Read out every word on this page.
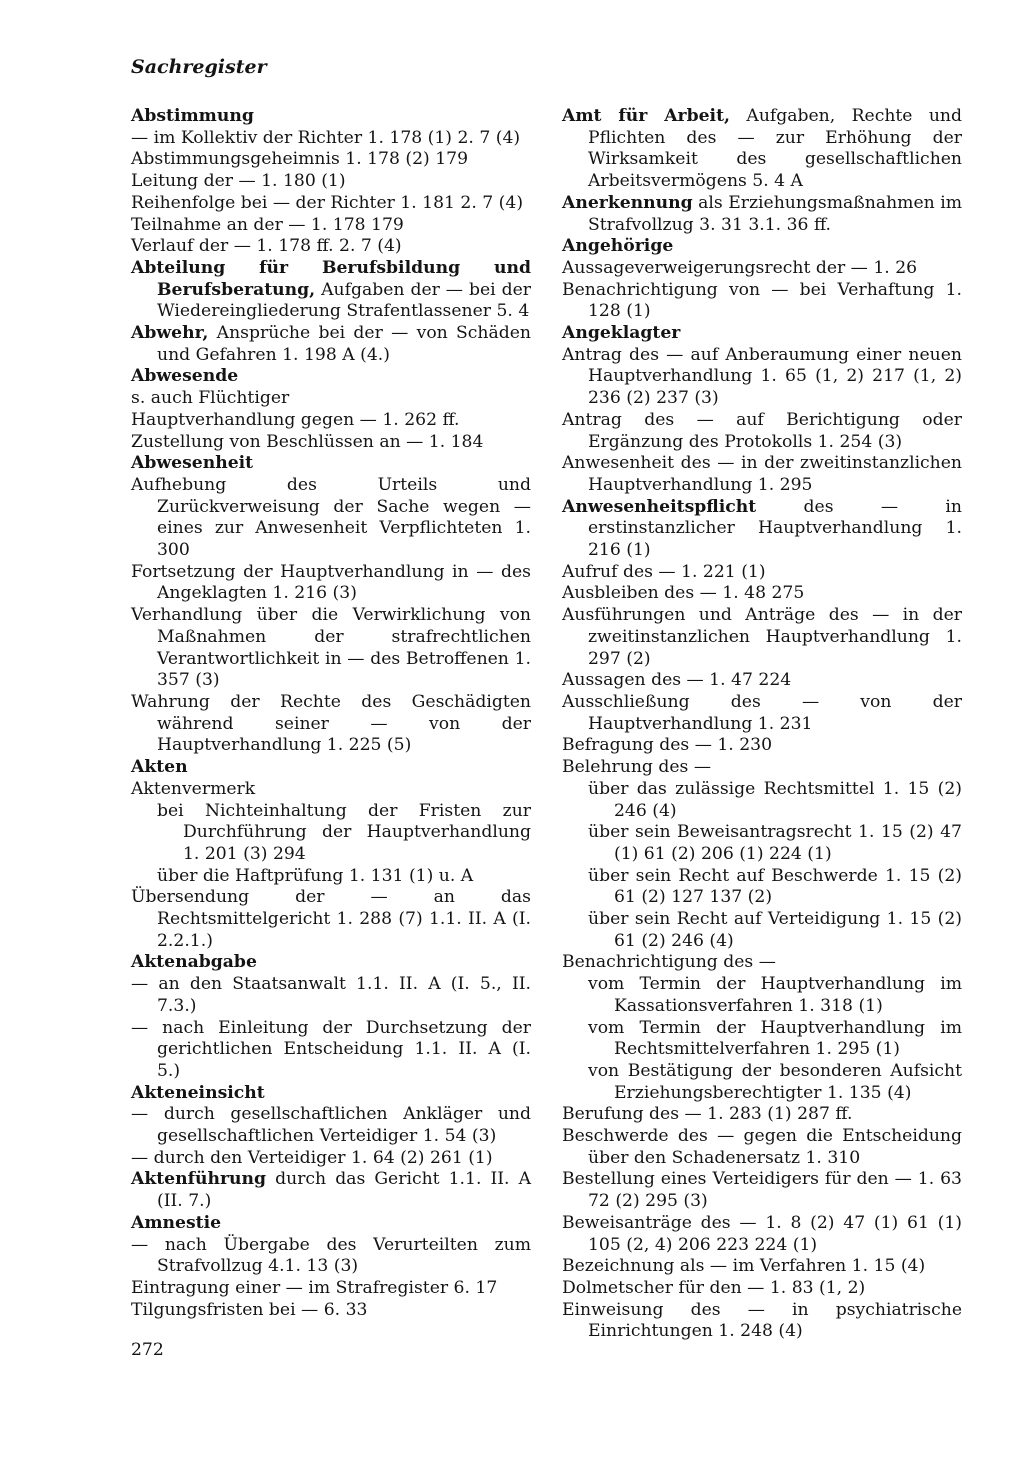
Sachregister

Abstimmung

— im Kollektiv der Richter 1. 178 (1) 2. 7 (4)

Abstimmungsgeheimnis 1. 178 (2) 179

Leitung der — 1. 180 (1)

Reihenfolge bei — der Richter 1. 181 2. 7 (4)

Teilnahme an der — 1. 178 179

Verlauf der — 1. 178 ff. 2. 7 (4)

Abteilung für Berufsbildung und Berufsberatung, Aufgaben der — bei der Wiedereingliederung Strafentlassener 5. 4

Abwehr, Ansprüche bei der — von Schäden und Gefahren 1. 198 A (4.)

Abwesende

s. auch Flüchtiger

Hauptverhandlung gegen — 1. 262 ff.

Zustellung von Beschlüssen an — 1. 184

Abwesenheit

Aufhebung des Urteils und Zurückverweisung der Sache wegen — eines zur Anwesenheit Verpflichteten 1. 300

Fortsetzung der Hauptverhandlung in — des Angeklagten 1. 216 (3)

Verhandlung über die Verwirklichung von Maßnahmen der strafrechtlichen Verantwortlichkeit in — des Betroffenen 1. 357 (3)

Wahrung der Rechte des Geschädigten während seiner — von der Hauptverhandlung 1. 225 (5)

Akten

Aktenvermerk

bei Nichteinhaltung der Fristen zur Durchführung der Hauptverhandlung 1. 201 (3) 294

über die Haftprüfung 1. 131 (1) u. A

Übersendung der — an das Rechtsmittelgericht 1. 288 (7) 1.1. II. A (I. 2.2.1.)

Aktenabgabe

— an den Staatsanwalt 1.1. II. A (I. 5., II. 7.3.)

— nach Einleitung der Durchsetzung der gerichtlichen Entscheidung 1.1. II. A (I. 5.)

Akteneinsicht

— durch gesellschaftlichen Ankläger und gesellschaftlichen Verteidiger 1. 54 (3)

— durch den Verteidiger 1. 64 (2) 261 (1)

Aktenführung durch das Gericht 1.1. II. A (II. 7.)

Amnestie

— nach Übergabe des Verurteilten zum Strafvollzug 4.1. 13 (3)

Eintragung einer — im Strafregister 6. 17

Tilgungsfristen bei — 6. 33

Amt für Arbeit, Aufgaben, Rechte und Pflichten des — zur Erhöhung der Wirksamkeit des gesellschaftlichen Arbeitsvermögens 5. 4 A

Anerkennung als Erziehungsmaßnahmen im Strafvollzug 3. 31 3.1. 36 ff.

Angehörige

Aussageverweigerungsrecht der — 1. 26

Benachrichtigung von — bei Verhaftung 1. 128 (1)

Angeklagter

Antrag des — auf Anberaumung einer neuen Hauptverhandlung 1. 65 (1, 2) 217 (1, 2) 236 (2) 237 (3)

Antrag des — auf Berichtigung oder Ergänzung des Protokolls 1. 254 (3)

Anwesenheit des — in der zweitinstanzlichen Hauptverhandlung 1. 295

Anwesenheitspflicht des — in erstinstanzlicher Hauptverhandlung 1. 216 (1)

Aufruf des — 1. 221 (1)

Ausbleiben des — 1. 48 275

Ausführungen und Anträge des — in der zweitinstanzlichen Hauptverhandlung 1. 297 (2)

Aussagen des — 1. 47 224

Ausschließung des — von der Hauptverhandlung 1. 231

Befragung des — 1. 230

Belehrung des —

über das zulässige Rechtsmittel 1. 15 (2) 246 (4)

über sein Beweisantragsrecht 1. 15 (2) 47 (1) 61 (2) 206 (1) 224 (1)

über sein Recht auf Beschwerde 1. 15 (2) 61 (2) 127 137 (2)

über sein Recht auf Verteidigung 1. 15 (2) 61 (2) 246 (4)

Benachrichtigung des —

vom Termin der Hauptverhandlung im Kassationsverfahren 1. 318 (1)

vom Termin der Hauptverhandlung im Rechtsmittelverfahren 1. 295 (1)

von Bestätigung der besonderen Aufsicht Erziehungsberechtigter 1. 135 (4)

Berufung des — 1. 283 (1) 287 ff.

Beschwerde des — gegen die Entscheidung über den Schadenersatz 1. 310

Bestellung eines Verteidigers für den — 1. 63 72 (2) 295 (3)

Beweisanträge des — 1. 8 (2) 47 (1) 61 (1) 105 (2, 4) 206 223 224 (1)

Bezeichnung als — im Verfahren 1. 15 (4)

Dolmetscher für den — 1. 83 (1, 2)

Einweisung des — in psychiatrische Einrichtungen 1. 248 (4)

272
